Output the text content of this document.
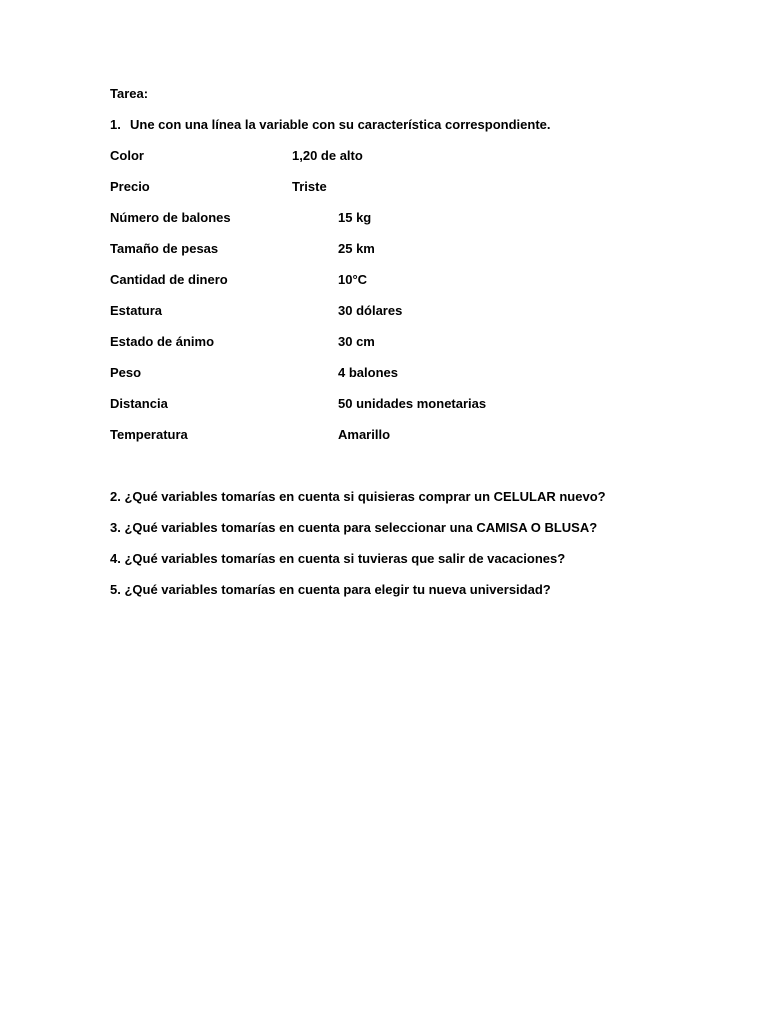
Tarea:
1. Une con una línea la variable con su característica correspondiente.
Color	1,20 de alto
Precio	Triste
Número de balones	15 kg
Tamaño de pesas	25 km
Cantidad de dinero	10°C
Estatura	30 dólares
Estado de ánimo	30 cm
Peso	4 balones
Distancia	50 unidades monetarias
Temperatura	Amarillo
2. ¿Qué variables tomarías en cuenta si quisieras comprar un CELULAR nuevo?
3. ¿Qué variables tomarías en cuenta para seleccionar una CAMISA O BLUSA?
4. ¿Qué variables tomarías en cuenta si tuvieras que salir de vacaciones?
5. ¿Qué variables tomarías en cuenta para elegir tu nueva universidad?
